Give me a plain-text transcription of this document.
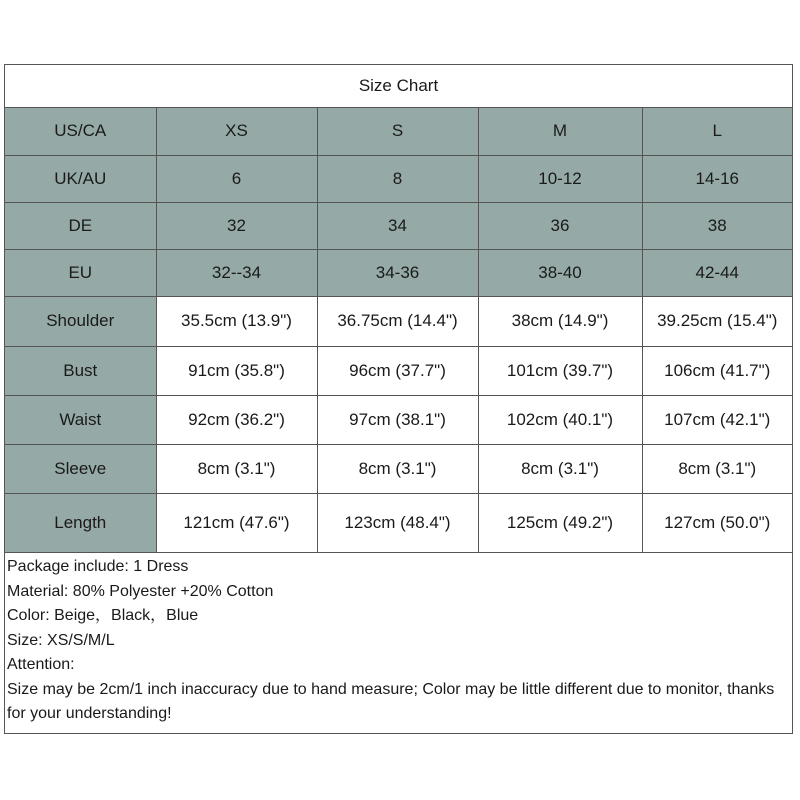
Size Chart
US/CA	XS	S	M	L
UK/AU	6	8	10-12	14-16
DE	32	34	36	38
EU	32--34	34-36	38-40	42-44
Shoulder	35.5cm (13.9")	36.75cm (14.4")	38cm (14.9")	39.25cm (15.4")
Bust	91cm (35.8")	96cm (37.7")	101cm (39.7")	106cm (41.7")
Waist	92cm (36.2")	97cm (38.1")	102cm (40.1")	107cm (42.1")
Sleeve	8cm (3.1")	8cm (3.1")	8cm (3.1")	8cm (3.1")
Length	121cm (47.6")	123cm (48.4")	125cm (49.2")	127cm (50.0")
Package include: 1 Dress
Material: 80% Polyester +20% Cotton
Color: Beige，Black，Blue
Size: XS/S/M/L
Attention:
Size may be 2cm/1 inch inaccuracy due to hand measure; Color may be little different due to monitor, thanks for your understanding!
